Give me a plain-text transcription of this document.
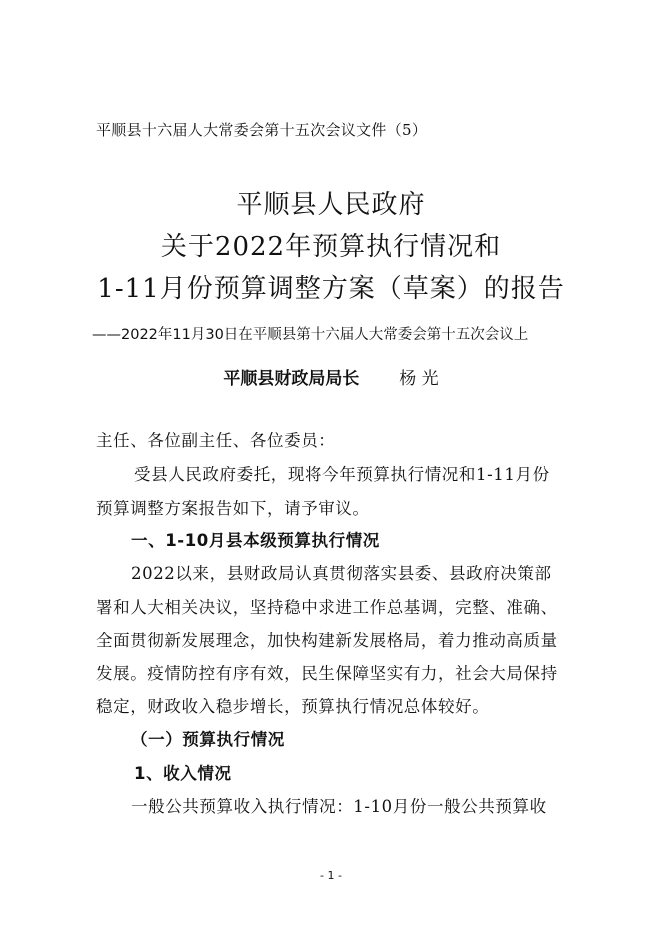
平顺县十六届人大常委会第十五次会议文件（5）
平顺县人民政府
关于2022年预算执行情况和
1-11月份预算调整方案（草案）的报告
——2022年11月30日在平顺县第十六届人大常委会第十五次会议上
平顺县财政局局长 杨 光
主任、各位副主任、各位委员：
受县人民政府委托，现将今年预算执行情况和1-11月份
预算调整方案报告如下，请予审议。
一、1-10月县本级预算执行情况
2022以来，县财政局认真贯彻落实县委、县政府决策部
署和人大相关决议，坚持稳中求进工作总基调，完整、准确、
全面贯彻新发展理念，加快构建新发展格局，着力推动高质量
发展。疫情防控有序有效，民生保障坚实有力，社会大局保持
稳定，财政收入稳步增长，预算执行情况总体较好。
（一）预算执行情况
1、收入情况
一般公共预算收入执行情况：1-10月份一般公共预算收
- 1 -
